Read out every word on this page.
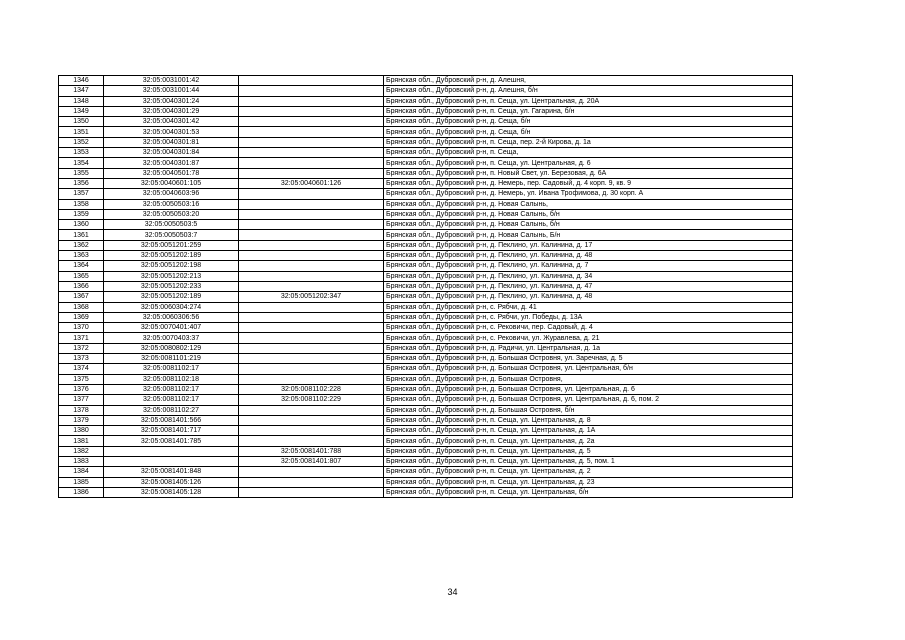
1346	32:05:0031001:42		Брянская обл., Дубровский р-н, д. Алешня,
1347	32:05:0031001:44		Брянская обл., Дубровский р-н, д. Алешня, б/н
1348	32:05:0040301:24		Брянская обл., Дубровский р-н, п. Сеща, ул. Центральная, д. 20А
1349	32:05:0040301:29		Брянская обл., Дубровский р-н, п. Сеща, ул. Гагарина, б/н
1350	32:05:0040301:42		Брянская обл., Дубровский р-н, д. Сеща, б/н
1351	32:05:0040301:53		Брянская обл., Дубровский р-н, д. Сеща, б/н
1352	32:05:0040301:81		Брянская обл., Дубровский р-н, п. Сеща, пер. 2-й Кирова, д. 1а
1353	32:05:0040301:84		Брянская обл., Дубровский р-н, п. Сеща,
1354	32:05:0040301:87		Брянская обл., Дубровский р-н, п. Сеща, ул. Центральная, д. 6
1355	32:05:0040501:78		Брянская обл., Дубровский р-н, п. Новый Свет, ул. Березовая, д. 6А
1356	32:05:0040601:105	32:05:0040601:126	Брянская обл., Дубровский р-н, д. Немерь, пер. Садовый, д. 4 корп. 9, кв. 9
1357	32:05:0040603:96		Брянская обл., Дубровский р-н, д. Немерь, ул. Ивана Трофимова, д. 30 корп. А
1358	32:05:0050503:16		Брянская обл., Дубровский р-н, д. Новая Салынь,
1359	32:05:0050503:20		Брянская обл., Дубровский р-н, д. Новая Салынь, б/н
1360	32:05:0050503:5		Брянская обл., Дубровский р-н, д. Новая Салынь, б/н
1361	32:05:0050503:7		Брянская обл., Дубровский р-н, д. Новая Салынь, Б/н
1362	32:05:0051201:259		Брянская обл., Дубровский р-н, д. Пеклино, ул. Калинина, д. 17
1363	32:05:0051202:189		Брянская обл., Дубровский р-н, д. Пеклино, ул. Калинина, д. 48
1364	32:05:0051202:198		Брянская обл., Дубровский р-н, д. Пеклино, ул. Калинина, д. 7
1365	32:05:0051202:213		Брянская обл., Дубровский р-н, д. Пеклино, ул. Калинина, д. 34
1366	32:05:0051202:233		Брянская обл., Дубровский р-н, д. Пеклино, ул. Калинина, д. 47
1367	32:05:0051202:189	32:05:0051202:347	Брянская обл., Дубровский р-н, д. Пеклино, ул. Калинина, д. 48
1368	32:05:0060304:274		Брянская обл., Дубровский р-н, с. Рябчи, д. 41
1369	32:05:0060306:56		Брянская обл., Дубровский р-н, с. Рябчи, ул. Победы, д. 13А
1370	32:05:0070401:407		Брянская обл., Дубровский р-н, с. Рековичи, пер. Садовый, д. 4
1371	32:05:0070403:37		Брянская обл., Дубровский р-н, с. Рековичи, ул. Журавлева, д. 21
1372	32:05:0080802:129		Брянская обл., Дубровский р-н, д. Радичи, ул. Центральная, д. 1а
1373	32:05:0081101:219		Брянская обл., Дубровский р-н, д. Большая Островня, ул. Заречная, д. 5
1374	32:05:0081102:17		Брянская обл., Дубровский р-н, д. Большая Островня, ул. Центральная, б/н
1375	32:05:0081102:18		Брянская обл., Дубровский р-н, д. Большая Островня,
1376	32:05:0081102:17	32:05:0081102:228	Брянская обл., Дубровский р-н, д. Большая Островня, ул. Центральная, д. 6
1377	32:05:0081102:17	32:05:0081102:229	Брянская обл., Дубровский р-н, д. Большая Островня, ул. Центральная, д. 6, пом. 2
1378	32:05:0081102:27		Брянская обл., Дубровский р-н, д. Большая Островня, б/н
1379	32:05:0081401:566		Брянская обл., Дубровский р-н, п. Сеща, ул. Центральная, д. 8
1380	32:05:0081401:717		Брянская обл., Дубровский р-н, п. Сеща, ул. Центральная, д. 1А
1381	32:05:0081401:785		Брянская обл., Дубровский р-н, п. Сеща, ул. Центральная, д. 2а
1382		32:05:0081401:788	Брянская обл., Дубровский р-н, п. Сеща, ул. Центральная, д. 5
1383		32:05:0081401:807	Брянская обл., Дубровский р-н, п. Сеща, ул. Центральная, д. 5, пом. 1
1384	32:05:0081401:848		Брянская обл., Дубровский р-н, п. Сеща, ул. Центральная, д. 2
1385	32:05:0081405:126		Брянская обл., Дубровский р-н, п. Сеща, ул. Центральная, д. 23
1386	32:05:0081405:128		Брянская обл., Дубровский р-н, п. Сеща, ул. Центральная, б/н
34
